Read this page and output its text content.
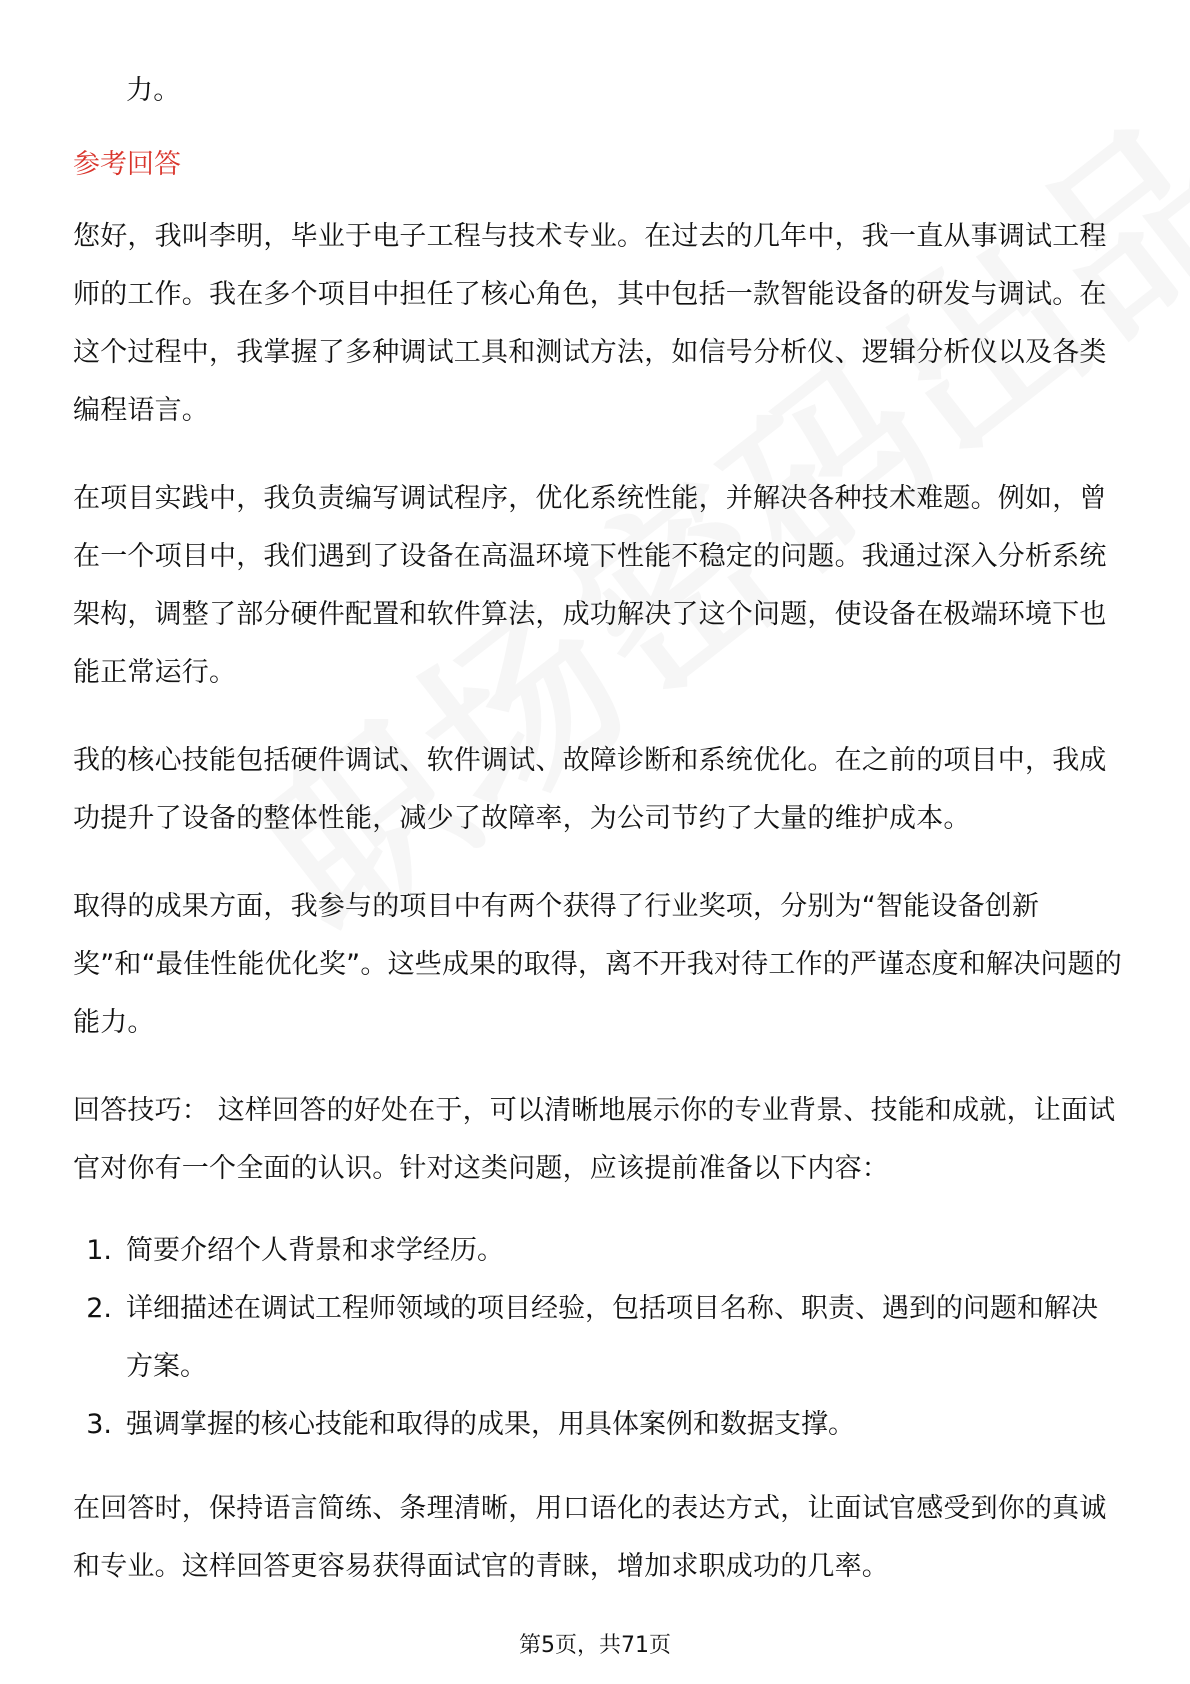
力。

参考回答

您好，我叫李明，毕业于电子工程与技术专业。在过去的几年中，我一直从事调试工程师的工作。我在多个项目中担任了核心角色，其中包括一款智能设备的研发与调试。在这个过程中，我掌握了多种调试工具和测试方法，如信号分析仪、逻辑分析仪以及各类编程语言。

在项目实践中，我负责编写调试程序，优化系统性能，并解决各种技术难题。例如，曾在一个项目中，我们遇到了设备在高温环境下性能不稳定的问题。我通过深入分析系统架构，调整了部分硬件配置和软件算法，成功解决了这个问题，使设备在极端环境下也能正常运行。

我的核心技能包括硬件调试、软件调试、故障诊断和系统优化。在之前的项目中，我成功提升了设备的整体性能，减少了故障率，为公司节约了大量的维护成本。

取得的成果方面，我参与的项目中有两个获得了行业奖项，分别为“智能设备创新奖”和“最佳性能优化奖”。这些成果的取得，离不开我对待工作的严谨态度和解决问题的能力。

回答技巧： 这样回答的好处在于，可以清晰地展示你的专业背景、技能和成就，让面试官对你有一个全面的认识。针对这类问题，应该提前准备以下内容：

1. 简要介绍个人背景和求学经历。
2. 详细描述在调试工程师领域的项目经验，包括项目名称、职责、遇到的问题和解决方案。
3. 强调掌握的核心技能和取得的成果，用具体案例和数据支撑。

在回答时，保持语言简练、条理清晰，用口语化的表达方式，让面试官感受到你的真诚和专业。这样回答更容易获得面试官的青睐，增加求职成功的几率。

第5页，共71页
